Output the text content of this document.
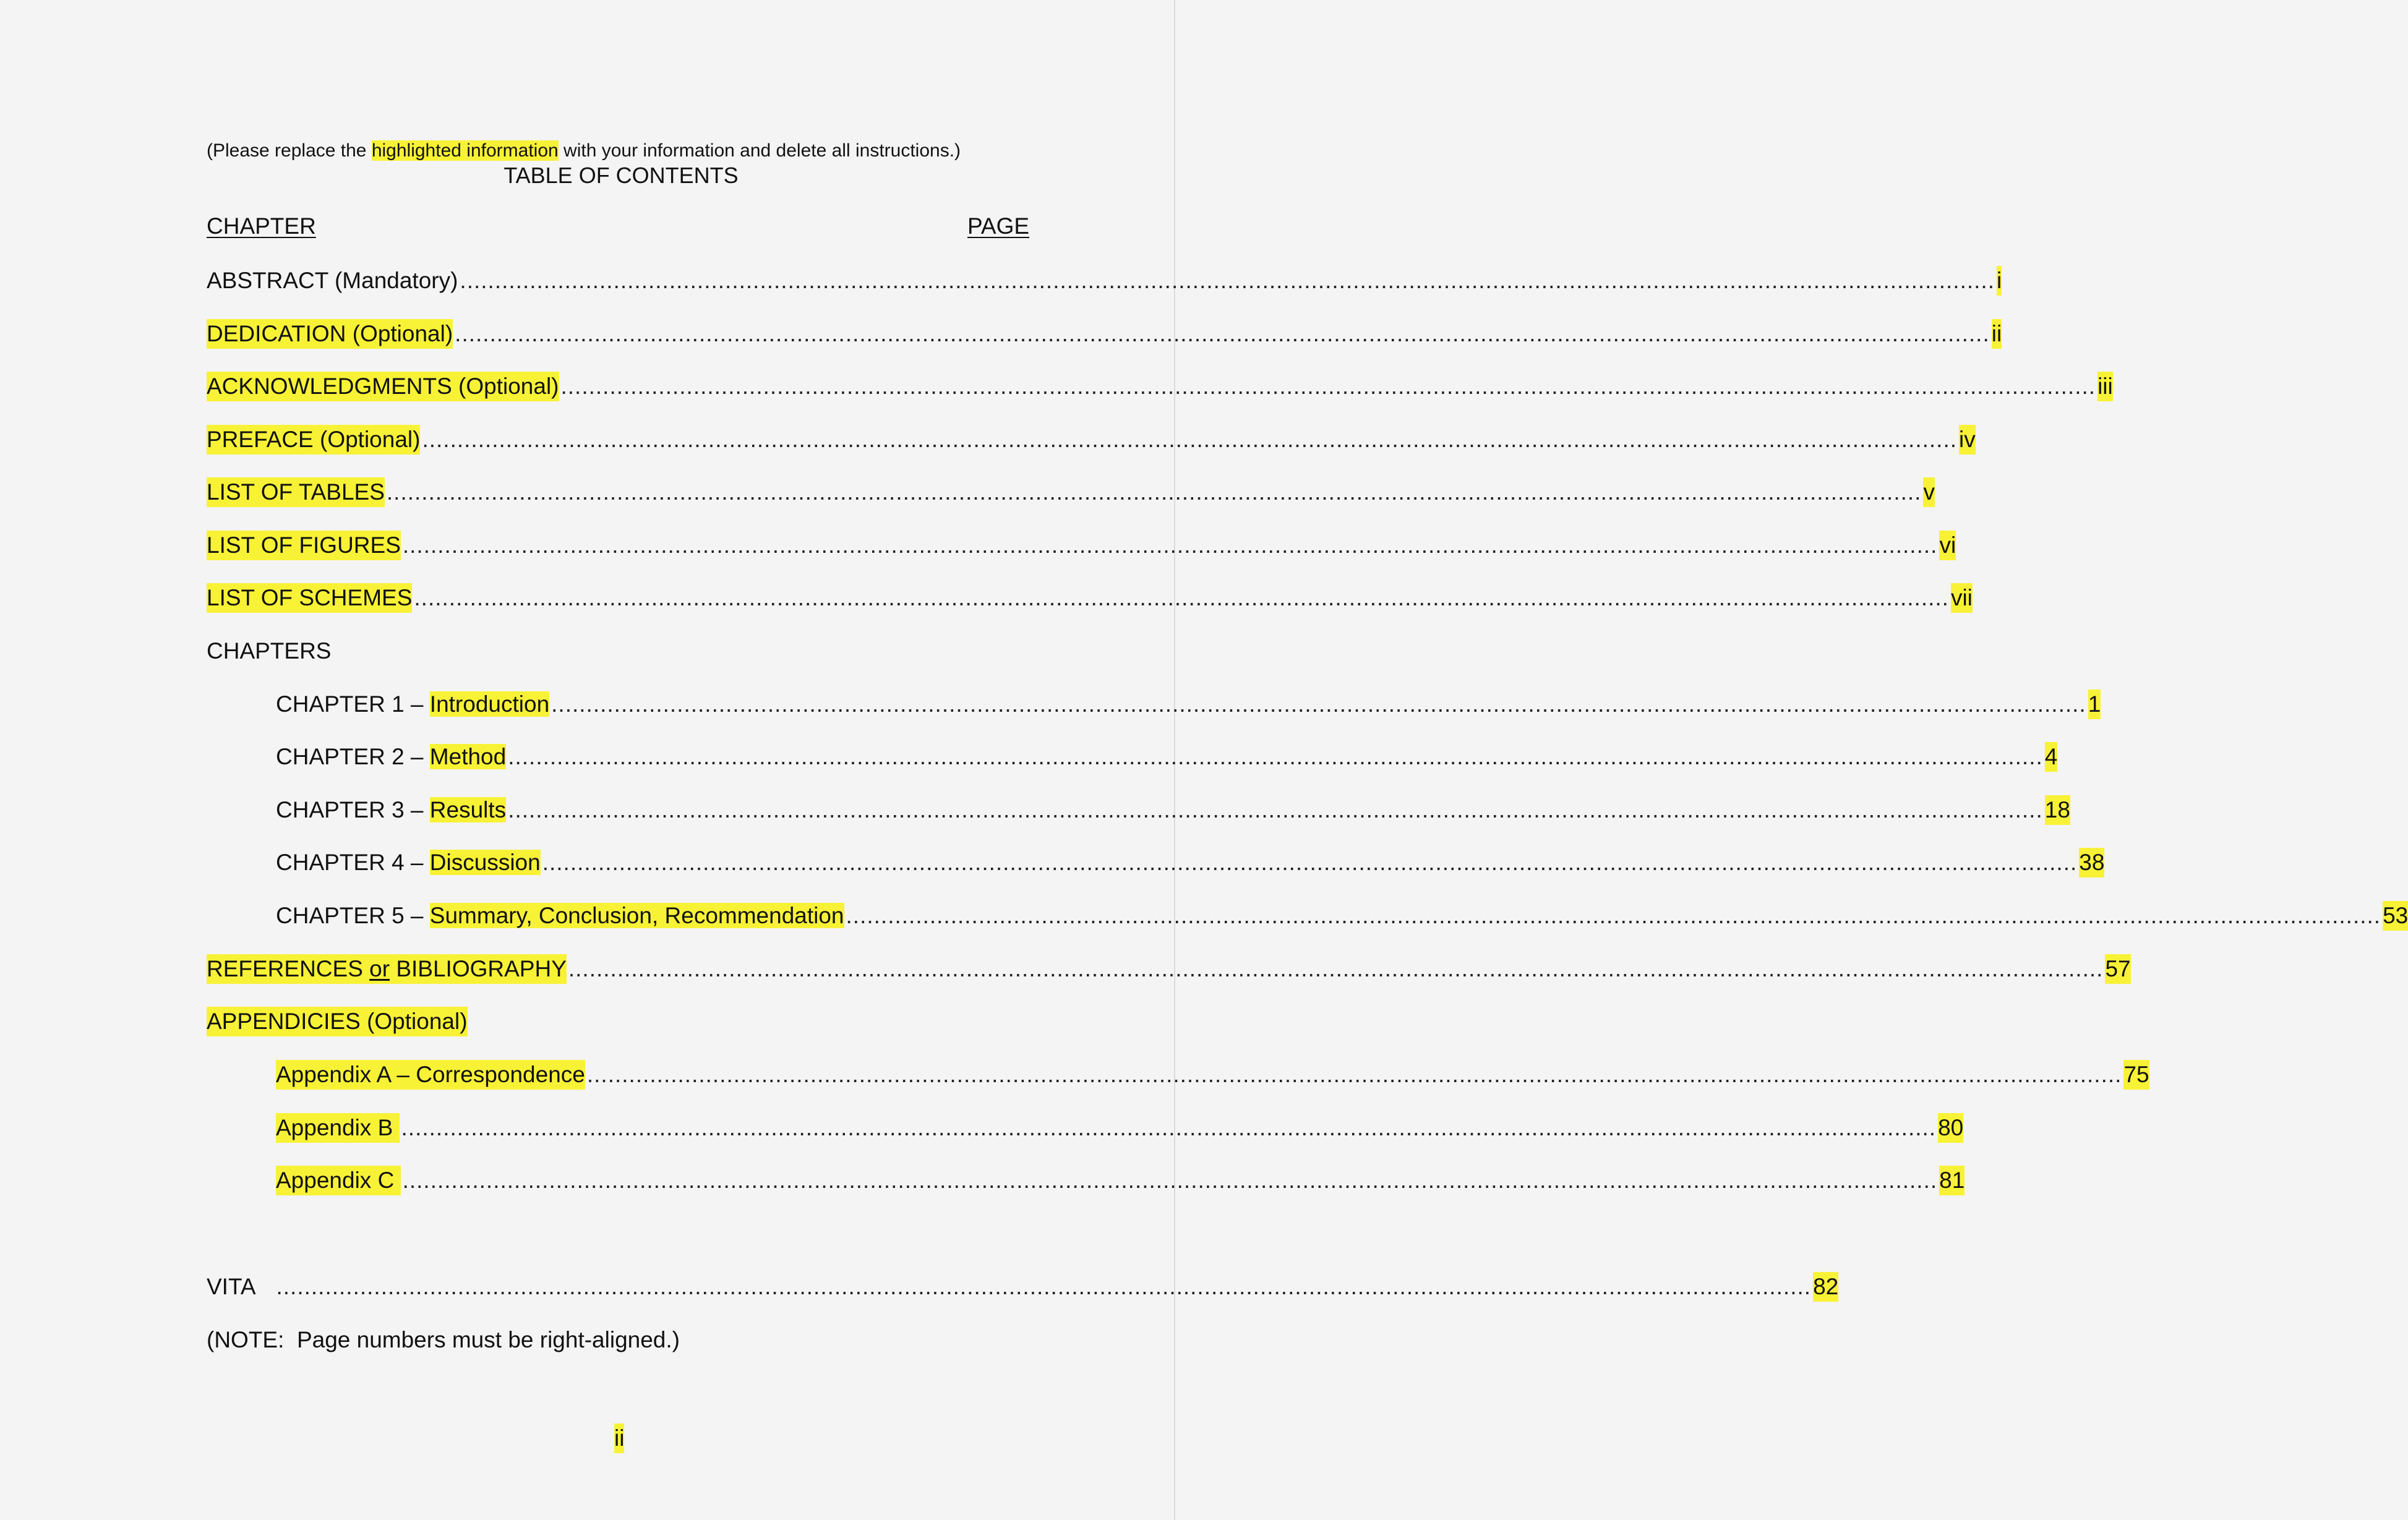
(Please replace the highlighted information with your information and delete all instructions.)
TABLE OF CONTENTS
CHAPTER	PAGE
ABSTRACT (Mandatory) ............................................................................................................................................................................................................................ i
DEDICATION (Optional) ............................................................................................................................................................................................................................ ii
ACKNOWLEDGMENTS (Optional) ............................................................................................................................................................................................................................ iii
PREFACE (Optional) ............................................................................................................................................................................................................................ iv
LIST OF TABLES ............................................................................................................................................................................................................................ v
LIST OF FIGURES ............................................................................................................................................................................................................................ vi
LIST OF SCHEMES ............................................................................................................................................................................................................................ vii
CHAPTERS
CHAPTER 1 – Introduction ............................................................................................................................................................................................................................ 1
CHAPTER 2 – Method ............................................................................................................................................................................................................................ 4
CHAPTER 3 – Results ............................................................................................................................................................................................................................ 18
CHAPTER 4 – Discussion ............................................................................................................................................................................................................................ 38
CHAPTER 5 – Summary, Conclusion, Recommendation ............................................................................................................................................................................................................................ 53
REFERENCES or BIBLIOGRAPHY ............................................................................................................................................................................................................................ 57
APPENDICIES (Optional)
Appendix A – Correspondence ............................................................................................................................................................................................................................ 75
Appendix B ............................................................................................................................................................................................................................ 80
Appendix C ............................................................................................................................................................................................................................ 81
VITA ............................................................................................................................................................................................................................ 82
(NOTE:  Page numbers must be right-aligned.)
ii
